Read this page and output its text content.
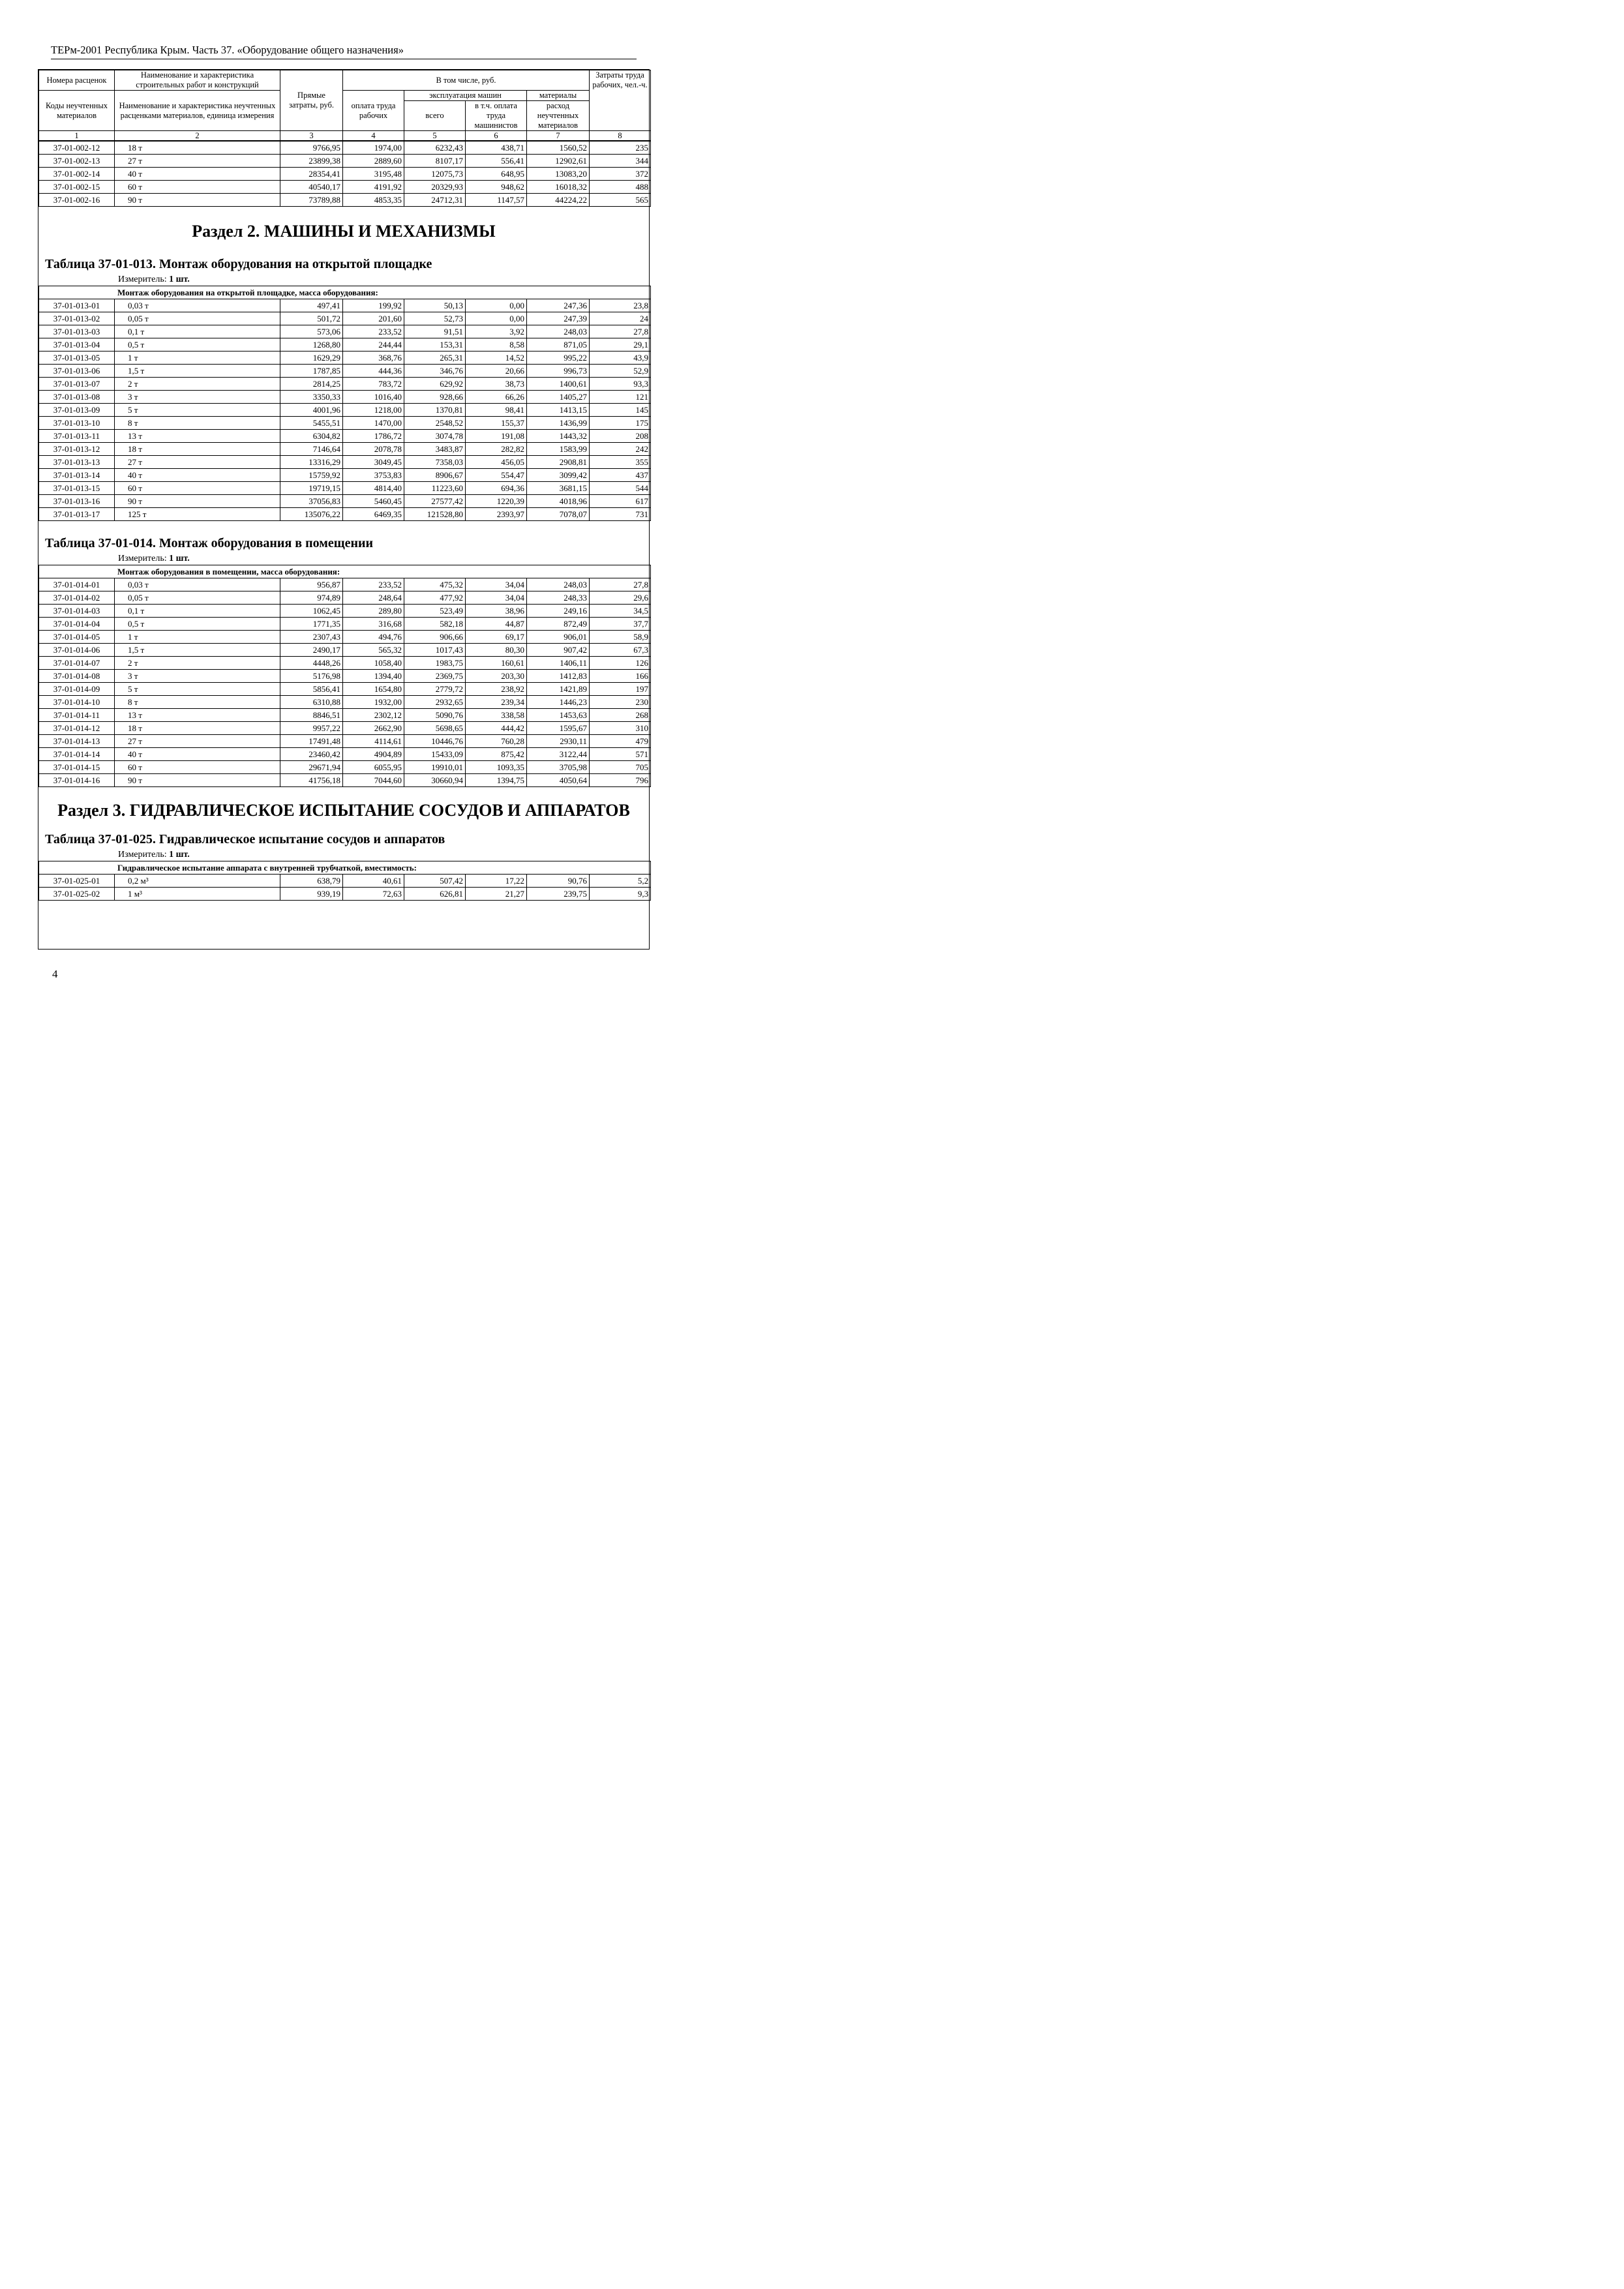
ТЕРм-2001 Республика Крым. Часть 37. «Оборудование общего назначения»
Номера расценок	Наименование и характеристика строительных работ и конструкций	Прямые затраты, руб.	В том числе, руб.				Затраты труда рабочих, чел.-ч.
Коды неучтенных материалов	Наименование и характеристика неучтенных расценками материалов, единица измерения		оплата труда рабочих	эксплуатация машин		материалы	
				всего	в т.ч. оплата труда машинистов	расход неучтенных материалов	
1	2	3	4	5	6	7	8
37-01-002-12	18 т	9766,95	1974,00	6232,43	438,71	1560,52	235
37-01-002-13	27 т	23899,38	2889,60	8107,17	556,41	12902,61	344
37-01-002-14	40 т	28354,41	3195,48	12075,73	648,95	13083,20	372
37-01-002-15	60 т	40540,17	4191,92	20329,93	948,62	16018,32	488
37-01-002-16	90 т	73789,88	4853,35	24712,31	1147,57	44224,22	565
Раздел 2. МАШИНЫ И МЕХАНИЗМЫ
Таблица 37-01-013. Монтаж оборудования на открытой площадке
Измеритель: 1 шт.
Монтаж оборудования на открытой площадке, масса оборудования:							
37-01-013-01	0,03 т	497,41	199,92	50,13	0,00	247,36	23,8
37-01-013-02	0,05 т	501,72	201,60	52,73	0,00	247,39	24
37-01-013-03	0,1 т	573,06	233,52	91,51	3,92	248,03	27,8
37-01-013-04	0,5 т	1268,80	244,44	153,31	8,58	871,05	29,1
37-01-013-05	1 т	1629,29	368,76	265,31	14,52	995,22	43,9
37-01-013-06	1,5 т	1787,85	444,36	346,76	20,66	996,73	52,9
37-01-013-07	2 т	2814,25	783,72	629,92	38,73	1400,61	93,3
37-01-013-08	3 т	3350,33	1016,40	928,66	66,26	1405,27	121
37-01-013-09	5 т	4001,96	1218,00	1370,81	98,41	1413,15	145
37-01-013-10	8 т	5455,51	1470,00	2548,52	155,37	1436,99	175
37-01-013-11	13 т	6304,82	1786,72	3074,78	191,08	1443,32	208
37-01-013-12	18 т	7146,64	2078,78	3483,87	282,82	1583,99	242
37-01-013-13	27 т	13316,29	3049,45	7358,03	456,05	2908,81	355
37-01-013-14	40 т	15759,92	3753,83	8906,67	554,47	3099,42	437
37-01-013-15	60 т	19719,15	4814,40	11223,60	694,36	3681,15	544
37-01-013-16	90 т	37056,83	5460,45	27577,42	1220,39	4018,96	617
37-01-013-17	125 т	135076,22	6469,35	121528,80	2393,97	7078,07	731
Таблица 37-01-014. Монтаж оборудования в помещении
Измеритель: 1 шт.
Монтаж оборудования в помещении, масса оборудования:							
37-01-014-01	0,03 т	956,87	233,52	475,32	34,04	248,03	27,8
37-01-014-02	0,05 т	974,89	248,64	477,92	34,04	248,33	29,6
37-01-014-03	0,1 т	1062,45	289,80	523,49	38,96	249,16	34,5
37-01-014-04	0,5 т	1771,35	316,68	582,18	44,87	872,49	37,7
37-01-014-05	1 т	2307,43	494,76	906,66	69,17	906,01	58,9
37-01-014-06	1,5 т	2490,17	565,32	1017,43	80,30	907,42	67,3
37-01-014-07	2 т	4448,26	1058,40	1983,75	160,61	1406,11	126
37-01-014-08	3 т	5176,98	1394,40	2369,75	203,30	1412,83	166
37-01-014-09	5 т	5856,41	1654,80	2779,72	238,92	1421,89	197
37-01-014-10	8 т	6310,88	1932,00	2932,65	239,34	1446,23	230
37-01-014-11	13 т	8846,51	2302,12	5090,76	338,58	1453,63	268
37-01-014-12	18 т	9957,22	2662,90	5698,65	444,42	1595,67	310
37-01-014-13	27 т	17491,48	4114,61	10446,76	760,28	2930,11	479
37-01-014-14	40 т	23460,42	4904,89	15433,09	875,42	3122,44	571
37-01-014-15	60 т	29671,94	6055,95	19910,01	1093,35	3705,98	705
37-01-014-16	90 т	41756,18	7044,60	30660,94	1394,75	4050,64	796
Раздел 3. ГИДРАВЛИЧЕСКОЕ ИСПЫТАНИЕ СОСУДОВ И АППАРАТОВ
Таблица 37-01-025. Гидравлическое испытание сосудов и аппаратов
Измеритель: 1 шт.
Гидравлическое испытание аппарата с внутренней трубчаткой, вместимость:							
37-01-025-01	0,2 м³	638,79	40,61	507,42	17,22	90,76	5,2
37-01-025-02	1 м³	939,19	72,63	626,81	21,27	239,75	9,3
4
